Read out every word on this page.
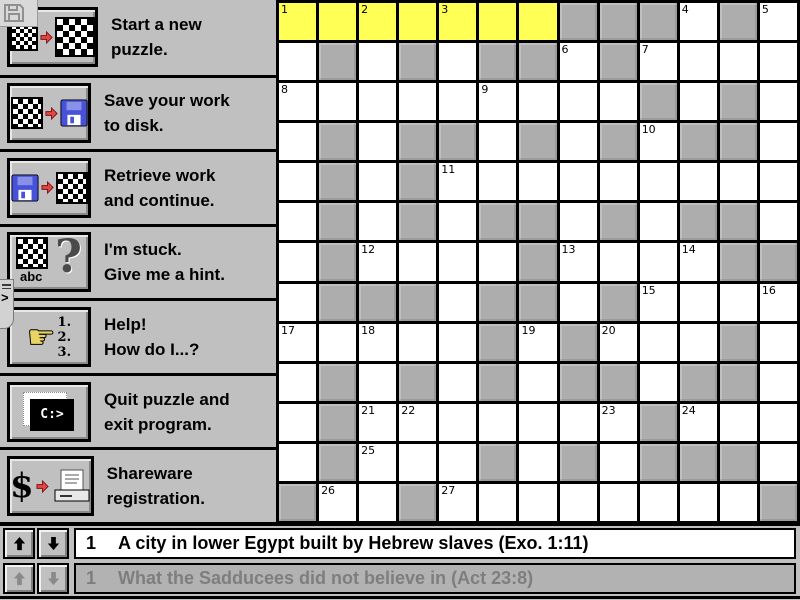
>
Start a new
puzzle.
Save your work
to disk.
Retrieve work
and continue.
abc ? I'm stuck.
Give me a hint.
☛ 1.
2.
3.
Help!
How do I...?
C:>
Quit puzzle and
exit program.
$	Shareware
registration.
1	2	3	4	5
6	7
8	9
10
11
12	13	14
15	16
17	18	19	20
21 22	23	24
25
26	27
1 A city in lower Egypt built by Hebrew slaves (Exo. 1:11)
1 What the Sadducees did not believe in (Act 23:8)
